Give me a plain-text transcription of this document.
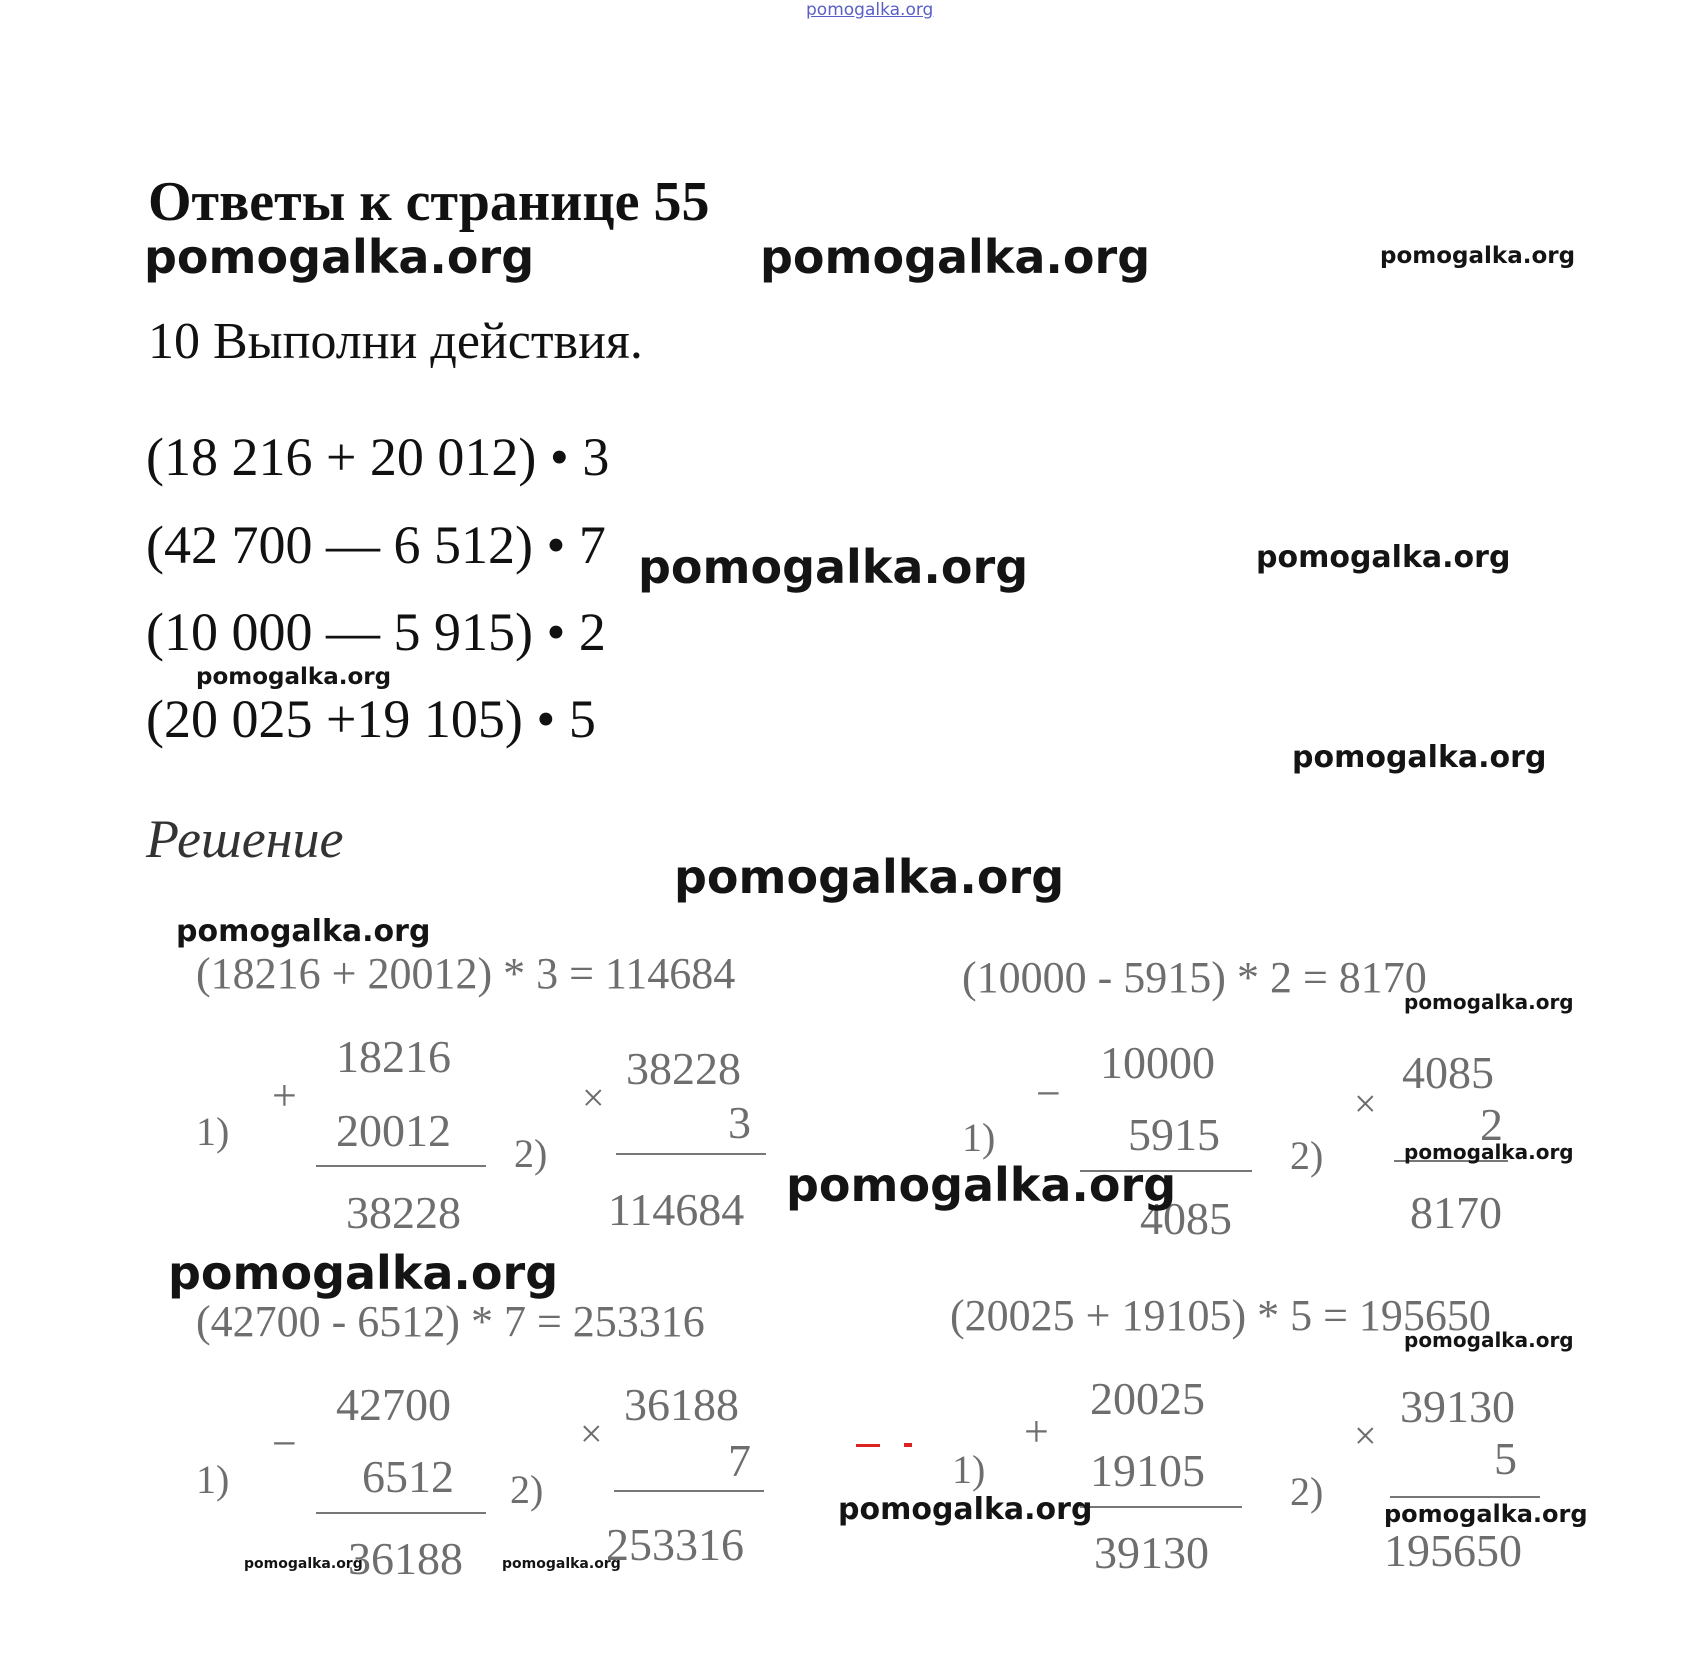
pomogalka.org
Ответы к странице 55
10 Выполни действия.
(18 216 + 20 012) • 3
(42 700 — 6 512) • 7
(10 000 — 5 915) • 2
(20 025 +19 105) • 5
Решение
(18216 + 20012) * 3 = 114684
1)
+
18216
20012
38228
2)
×
38228
3
114684
(10000 - 5915) * 2 = 8170
1)
−
10000
5915
4085
2)
×
4085
2
8170
(42700 - 6512) * 7 = 253316
1)
−
42700
6512
36188
2)
×
36188
7
253316
(20025 + 19105) * 5 = 195650
1)
+
20025
19105
39130
2)
×
39130
5
195650
pomogalka.org	pomogalka.org	pomogalka.org
pomogalka.org	pomogalka.org
pomogalka.org
pomogalka.org
pomogalka.org
pomogalka.org
pomogalka.org
pomogalka.org
pomogalka.org
pomogalka.org
pomogalka.org
pomogalka.org	pomogalka.org
pomogalka.org	pomogalka.org
